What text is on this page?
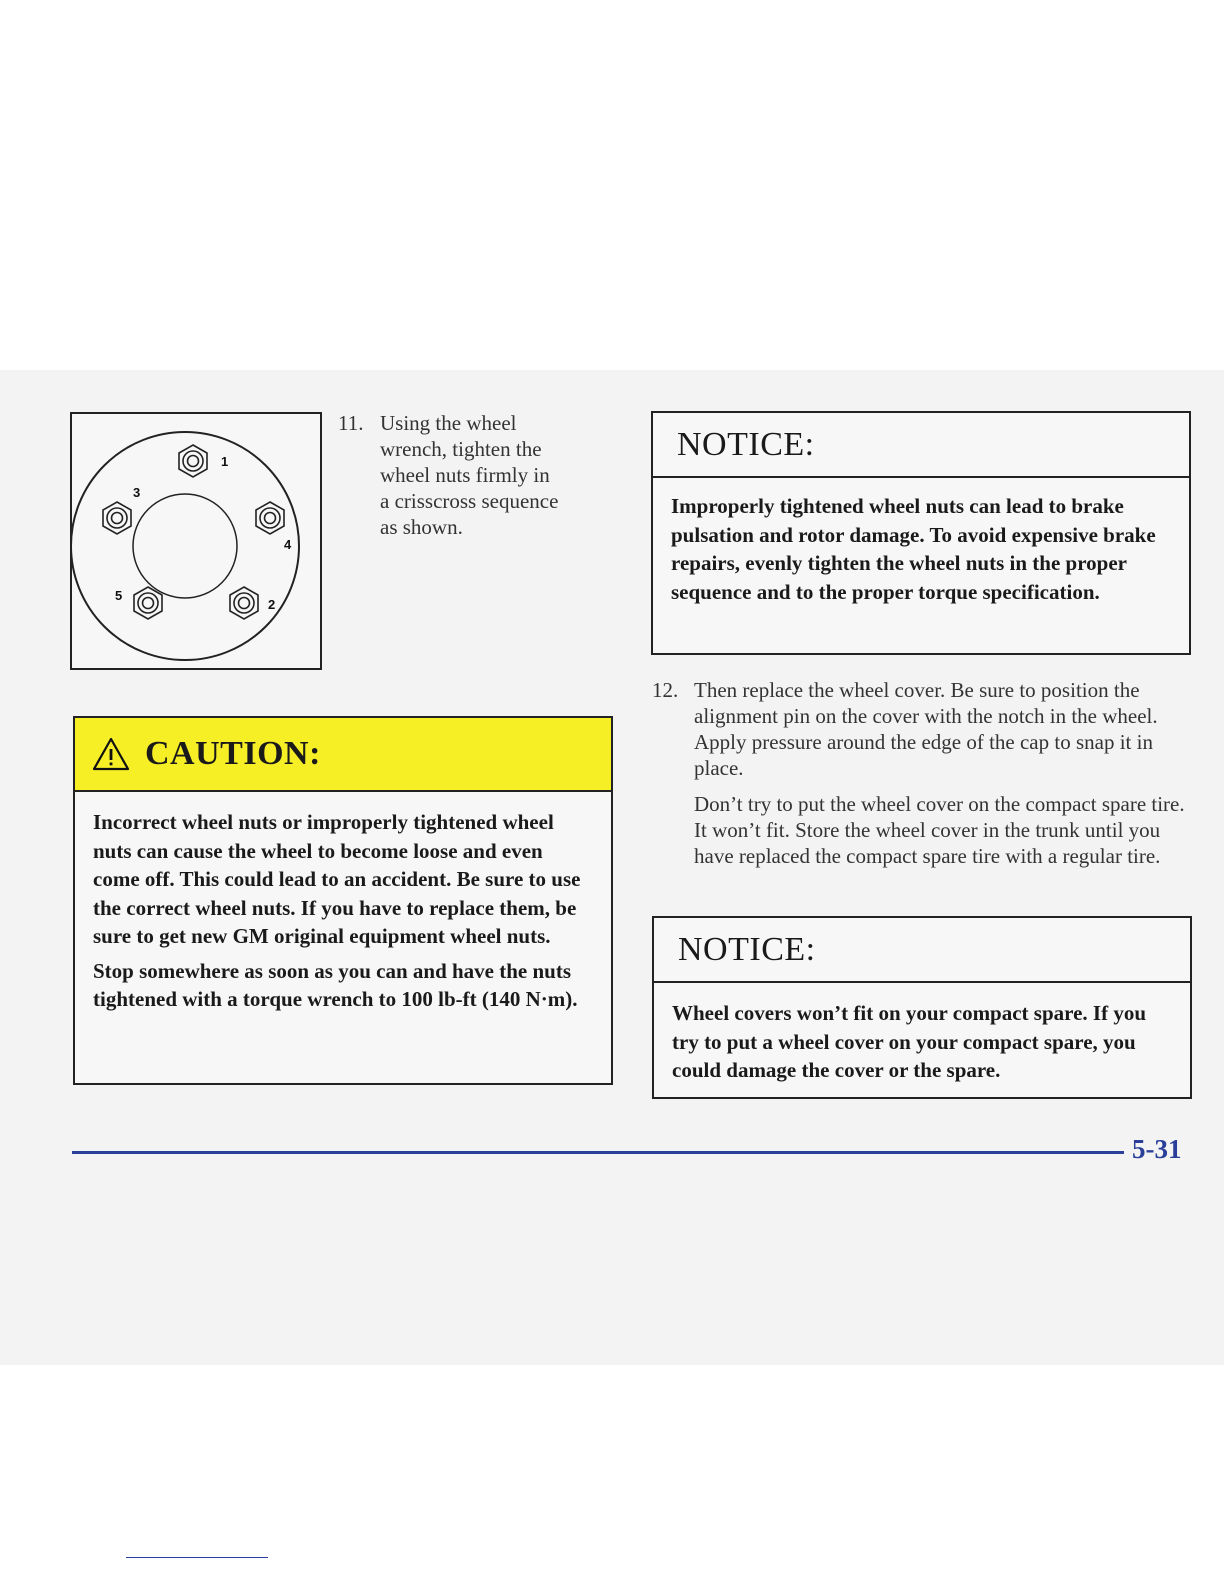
1
2
3
4
5
11. Using the wheel
wrench, tighten the
wheel nuts firmly in
a crisscross sequence
as shown.
CAUTION:

Incorrect wheel nuts or improperly tightened wheel nuts can cause the wheel to become loose and even come off. This could lead to an accident. Be sure to use the correct wheel nuts. If you have to replace them, be sure to get new GM original equipment wheel nuts.

Stop somewhere as soon as you can and have the nuts tightened with a torque wrench to 100 lb-ft (140 N·m).

NOTICE:
Improperly tightened wheel nuts can lead to brake pulsation and rotor damage. To avoid expensive brake repairs, evenly tighten the wheel nuts in the proper sequence and to the proper torque specification.
12. Then replace the wheel cover. Be sure to position the alignment pin on the cover with the notch in the wheel. Apply pressure around the edge of the cap to snap it in place.
Don’t try to put the wheel cover on the compact spare tire. It won’t fit. Store the wheel cover in the trunk until you have replaced the compact spare tire with a regular tire.
NOTICE:
Wheel covers won’t fit on your compact spare. If you try to put a wheel cover on your compact spare, you could damage the cover or the spare.
5-31
